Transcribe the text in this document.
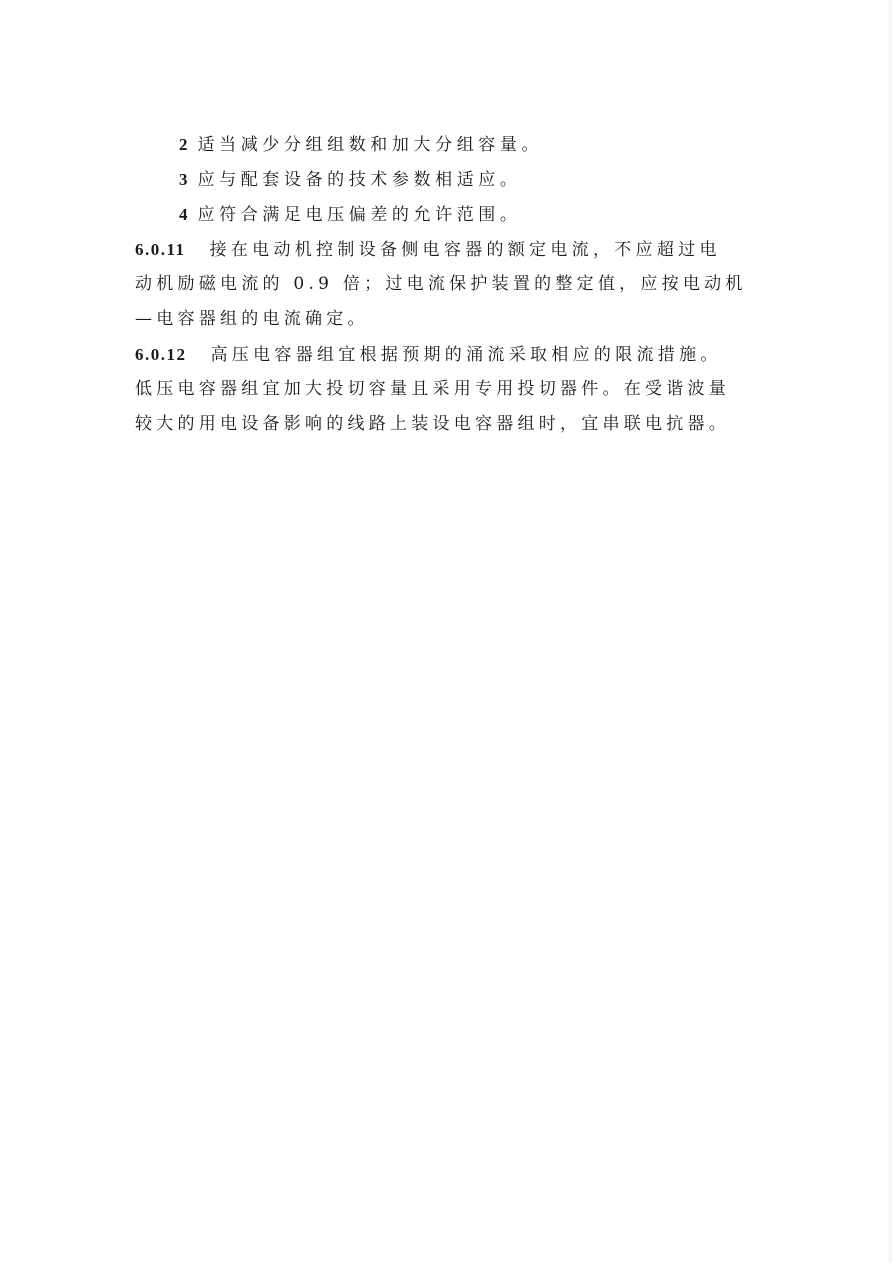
2 适当减少分组组数和加大分组容量。
3 应与配套设备的技术参数相适应。
4 应符合满足电压偏差的允许范围。
6.0.11 接在电动机控制设备侧电容器的额定电流，不应超过电
动机励磁电流的 0.9 倍；过电流保护装置的整定值，应按电动机
—电容器组的电流确定。
6.0.12 高压电容器组宜根据预期的涌流采取相应的限流措施。
低压电容器组宜加大投切容量且采用专用投切器件。在受谐波量
较大的用电设备影响的线路上装设电容器组时，宜串联电抗器。
